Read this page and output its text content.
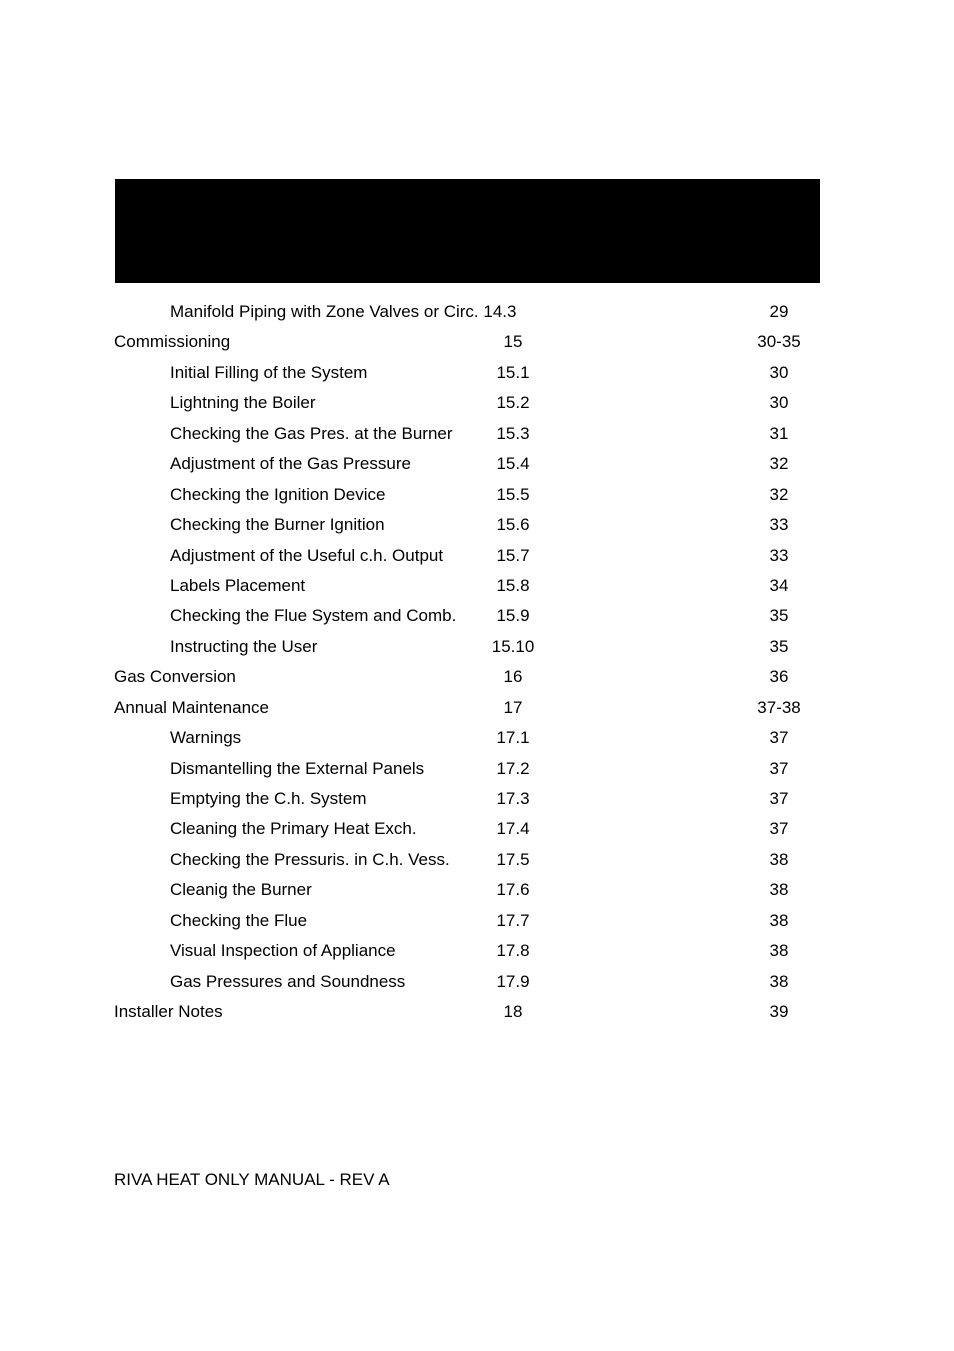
Manifold Piping with Zone Valves or Circ. 14.3	29
Commissioning	15	30-35
Initial Filling of the System	15.1	30
Lightning the Boiler	15.2	30
Checking the Gas Pres. at the Burner	15.3	31
Adjustment of the Gas Pressure	15.4	32
Checking the Ignition Device	15.5	32
Checking the Burner Ignition	15.6	33
Adjustment of the Useful c.h. Output	15.7	33
Labels Placement	15.8	34
Checking the Flue System and Comb. 15.9	35
Instructing the User	15.10	35
Gas Conversion	16	36
Annual Maintenance	17	37-38
Warnings	17.1	37
Dismantelling the External Panels	17.2	37
Emptying the C.h. System	17.3	37
Cleaning the Primary Heat Exch.	17.4	37
Checking the Pressuris. in C.h. Vess.	17.5	38
Cleanig the Burner	17.6	38
Checking the Flue	17.7	38
Visual Inspection of Appliance	17.8	38
Gas Pressures and Soundness	17.9	38
Installer Notes	18	39
RIVA HEAT ONLY MANUAL - REV A
